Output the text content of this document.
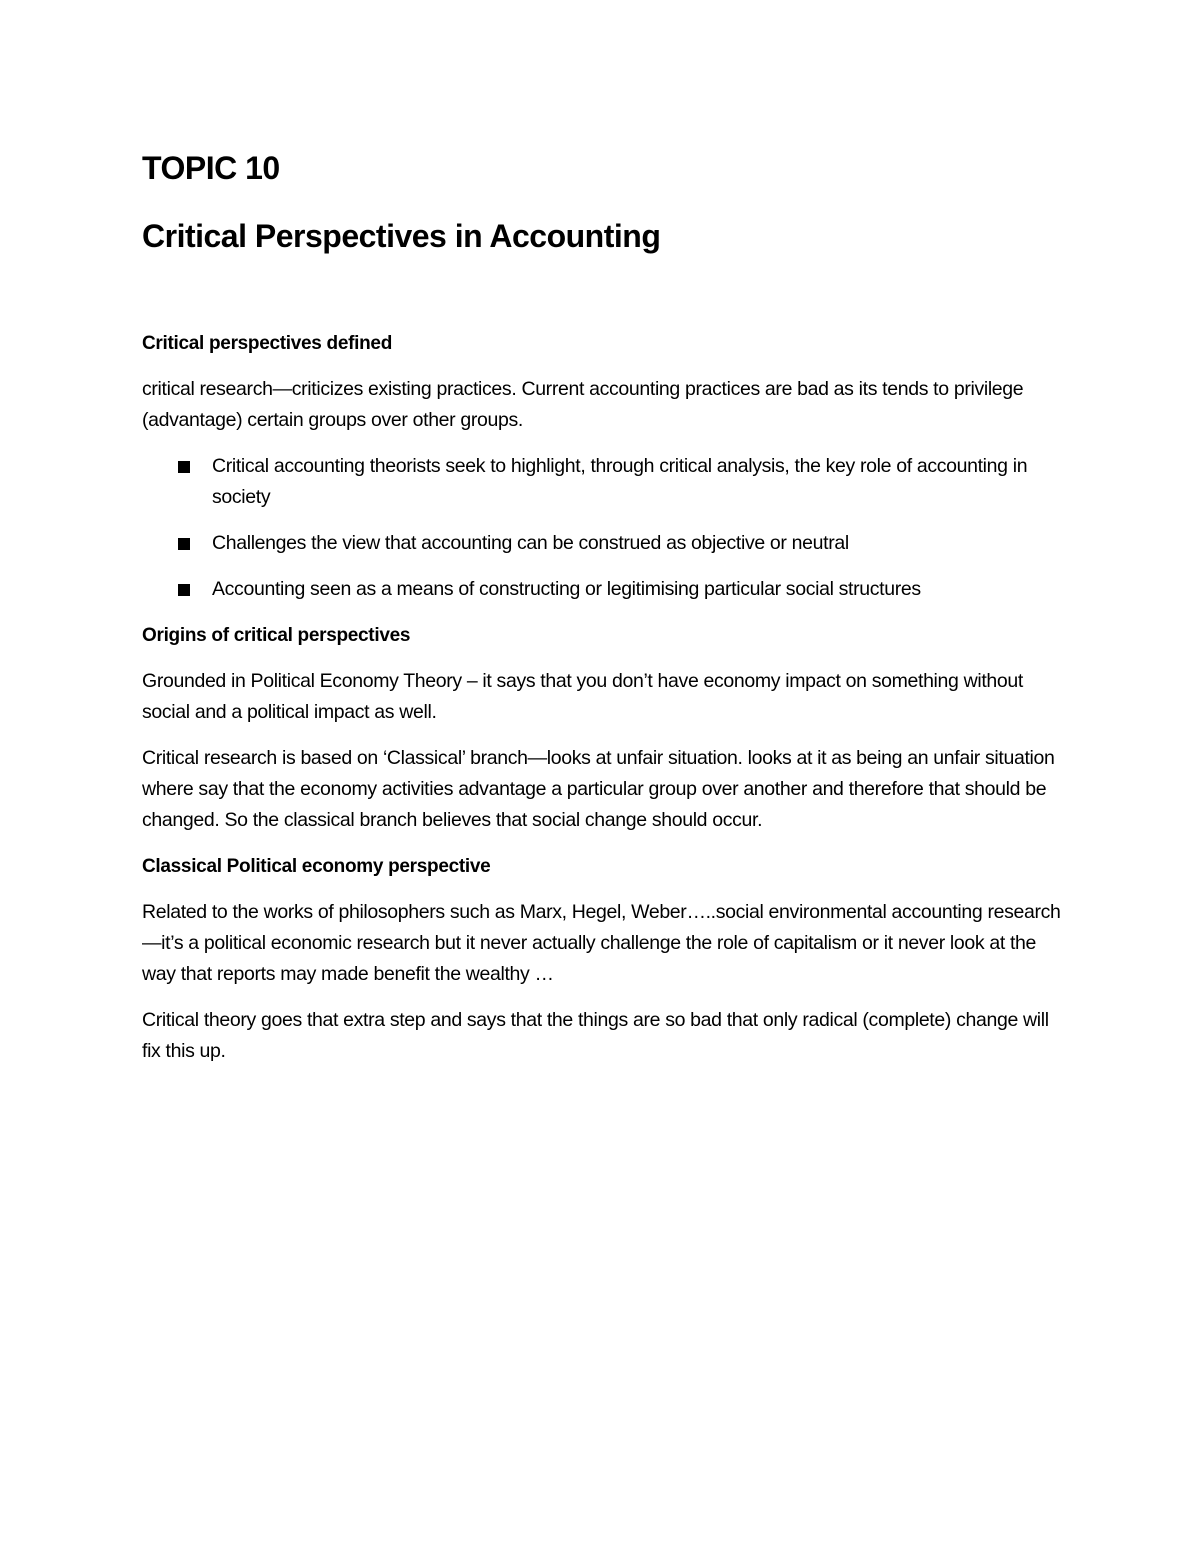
TOPIC 10
Critical Perspectives in Accounting
Critical perspectives defined

critical research—criticizes existing practices. Current accounting practices are bad as its tends to privilege (advantage) certain groups over other groups.

Critical accounting theorists seek to highlight, through critical analysis, the key role of accounting in society
Challenges the view that accounting can be construed as objective or neutral
Accounting seen as a means of constructing or legitimising particular social structures
Origins of critical perspectives

Grounded in Political Economy Theory – it says that you don’t have economy impact on something without social and a political impact as well.

Critical research is based on ‘Classical’ branch—looks at unfair situation. looks at it as being an unfair situation where say that the economy activities advantage a particular group over another and therefore that should be changed. So the classical branch believes that social change should occur.

Classical Political economy perspective

Related to the works of philosophers such as Marx, Hegel, Weber…..social environmental accounting research—it’s a political economic research but it never actually challenge the role of capitalism or it never look at the way that reports may made benefit the wealthy …

Critical theory goes that extra step and says that the things are so bad that only radical (complete) change will fix this up.
